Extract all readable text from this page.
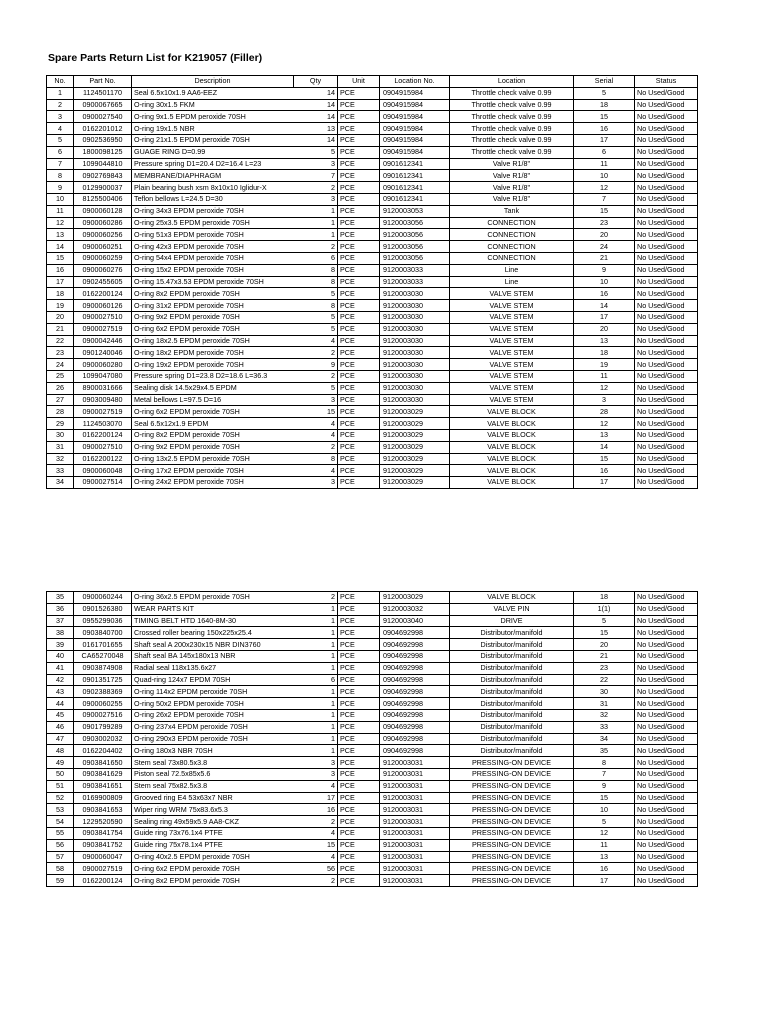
Spare Parts Return List for K219057 (Filler)
No.	Part No.	Description	Qty	Unit	Location No.	Location	Serial	Status
1	1124501170	Seal 6.5x10x1.9 AA6-EEZ	14	PCE	0904915984	Throttle check valve 0.99	5	No Used/Good
2	0900067665	O-ring 30x1.5 FKM	14	PCE	0904915984	Throttle check valve 0.99	18	No Used/Good
3	0900027540	O-ring 9x1.5 EPDM peroxide 70SH	14	PCE	0904915984	Throttle check valve 0.99	15	No Used/Good
4	0162201012	O-ring 19x1.5 NBR	13	PCE	0904915984	Throttle check valve 0.99	16	No Used/Good
5	0902536950	O-ring 21x1.5 EPDM peroxide 70SH	14	PCE	0904915984	Throttle check valve 0.99	17	No Used/Good
6	1800098125	GUAGE RING D=0.99	5	PCE	0904915984	Throttle check valve 0.99	6	No Used/Good
7	1099044810	Pressure spring D1=20.4 D2=16.4 L=23	3	PCE	0901612341	Valve R1/8"	11	No Used/Good
8	0902769843	MEMBRANE/DIAPHRAGM	7	PCE	0901612341	Valve R1/8"	10	No Used/Good
9	0129900037	Plain bearing bush xsm 8x10x10 Iglidur-X	2	PCE	0901612341	Valve R1/8"	12	No Used/Good
10	8125500406	Teflon bellows L=24.5 D=30	3	PCE	0901612341	Valve R1/8"	7	No Used/Good
11	0900060128	O-ring 34x3 EPDM peroxide 70SH	1	PCE	9120003053	Tank	15	No Used/Good
12	0900060286	O-ring 25x3.5 EPDM peroxide 70SH	1	PCE	9120003056	CONNECTION	23	No Used/Good
13	0900060256	O-ring 51x3 EPDM peroxide 70SH	1	PCE	9120003056	CONNECTION	20	No Used/Good
14	0900060251	O-ring 42x3 EPDM peroxide 70SH	2	PCE	9120003056	CONNECTION	24	No Used/Good
15	0900060259	O-ring 54x4 EPDM peroxide 70SH	6	PCE	9120003056	CONNECTION	21	No Used/Good
16	0900060276	O-ring 15x2 EPDM peroxide 70SH	8	PCE	9120003033	Line	9	No Used/Good
17	0902455605	O-ring 15.47x3.53 EPDM peroxide 70SH	8	PCE	9120003033	Line	10	No Used/Good
18	0162200124	O-ring 8x2 EPDM peroxide 70SH	5	PCE	9120003030	VALVE STEM	16	No Used/Good
19	0900060126	O-ring 31x2 EPDM peroxide 70SH	8	PCE	9120003030	VALVE STEM	14	No Used/Good
20	0900027510	O-ring 9x2 EPDM peroxide 70SH	5	PCE	9120003030	VALVE STEM	17	No Used/Good
21	0900027519	O-ring 6x2 EPDM peroxide 70SH	5	PCE	9120003030	VALVE STEM	20	No Used/Good
22	0900042446	O-ring 18x2.5 EPDM peroxide 70SH	4	PCE	9120003030	VALVE STEM	13	No Used/Good
23	0901240046	O-ring 18x2 EPDM peroxide 70SH	2	PCE	9120003030	VALVE STEM	18	No Used/Good
24	0900060280	O-ring 19x2 EPDM peroxide 70SH	9	PCE	9120003030	VALVE STEM	19	No Used/Good
25	1099047080	Pressure spring D1=23.8 D2=18.6 L=36.3	2	PCE	9120003030	VALVE STEM	11	No Used/Good
26	8900031666	Sealing disk 14.5x29x4.5 EPDM	5	PCE	9120003030	VALVE STEM	12	No Used/Good
27	0903009480	Metal bellows L=97.5 D=16	3	PCE	9120003030	VALVE STEM	3	No Used/Good
28	0900027519	O-ring 6x2 EPDM peroxide 70SH	15	PCE	9120003029	VALVE BLOCK	28	No Used/Good
29	1124503070	Seal 6.5x12x1.9 EPDM	4	PCE	9120003029	VALVE BLOCK	12	No Used/Good
30	0162200124	O-ring 8x2 EPDM peroxide 70SH	4	PCE	9120003029	VALVE BLOCK	13	No Used/Good
31	0900027510	O-ring 9x2 EPDM peroxide 70SH	2	PCE	9120003029	VALVE BLOCK	14	No Used/Good
32	0162200122	O-ring 13x2.5 EPDM peroxide 70SH	8	PCE	9120003029	VALVE BLOCK	15	No Used/Good
33	0900060048	O-ring 17x2 EPDM peroxide 70SH	4	PCE	9120003029	VALVE BLOCK	16	No Used/Good
34	0900027514	O-ring 24x2 EPDM peroxide 70SH	3	PCE	9120003029	VALVE BLOCK	17	No Used/Good
35	0900060244	O-ring 36x2.5 EPDM peroxide 70SH	2	PCE	9120003029	VALVE BLOCK	18	No Used/Good
36	0901526380	WEAR PARTS KIT	1	PCE	9120003032	VALVE PIN	1(1)	No Used/Good
37	0955299036	TIMING BELT HTD 1640-8M-30	1	PCE	9120003040	DRIVE	5	No Used/Good
38	0903840700	Crossed roller bearing 150x225x25.4	1	PCE	0904692998	Distributor/manifold	15	No Used/Good
39	0161701655	Shaft seal A 200x230x15 NBR DIN3760	1	PCE	0904692998	Distributor/manifold	20	No Used/Good
40	CA65270048	Shaft seal BA 145x180x13 NBR	1	PCE	0904692998	Distributor/manifold	21	No Used/Good
41	0903874908	Radial seal 118x135.6x27	1	PCE	0904692998	Distributor/manifold	23	No Used/Good
42	0901351725	Quad-ring 124x7 EPDM 70SH	6	PCE	0904692998	Distributor/manifold	22	No Used/Good
43	0902388369	O-ring 114x2 EPDM peroxide 70SH	1	PCE	0904692998	Distributor/manifold	30	No Used/Good
44	0900060255	O-ring 50x2 EPDM peroxide 70SH	1	PCE	0904692998	Distributor/manifold	31	No Used/Good
45	0900027516	O-ring 26x2 EPDM peroxide 70SH	1	PCE	0904692998	Distributor/manifold	32	No Used/Good
46	0901799289	O-ring 237x4 EPDM peroxide 70SH	1	PCE	0904692998	Distributor/manifold	33	No Used/Good
47	0903002032	O-ring 290x3 EPDM peroxide 70SH	1	PCE	0904692998	Distributor/manifold	34	No Used/Good
48	0162204402	O-ring 180x3 NBR 70SH	1	PCE	0904692998	Distributor/manifold	35	No Used/Good
49	0903841650	Stem seal 73x80.5x3.8	3	PCE	9120003031	PRESSING-ON DEVICE	8	No Used/Good
50	0903841629	Piston seal 72.5x85x5.6	3	PCE	9120003031	PRESSING-ON DEVICE	7	No Used/Good
51	0903841651	Stem seal 75x82.5x3.8	4	PCE	9120003031	PRESSING-ON DEVICE	9	No Used/Good
52	0169900809	Grooved ring E4 53x63x7 NBR	17	PCE	9120003031	PRESSING-ON DEVICE	15	No Used/Good
53	0903841653	Wiper ring WRM 75x83.6x5.3	16	PCE	9120003031	PRESSING-ON DEVICE	10	No Used/Good
54	1229520590	Sealing ring 49x59x5.9 AA8-CKZ	2	PCE	9120003031	PRESSING-ON DEVICE	5	No Used/Good
55	0903841754	Guide ring 73x76.1x4 PTFE	4	PCE	9120003031	PRESSING-ON DEVICE	12	No Used/Good
56	0903841752	Guide ring 75x78.1x4 PTFE	15	PCE	9120003031	PRESSING-ON DEVICE	11	No Used/Good
57	0900060047	O-ring 40x2.5 EPDM peroxide 70SH	4	PCE	9120003031	PRESSING-ON DEVICE	13	No Used/Good
58	0900027519	O-ring 6x2 EPDM peroxide 70SH	56	PCE	9120003031	PRESSING-ON DEVICE	16	No Used/Good
59	0162200124	O-ring 8x2 EPDM peroxide 70SH	2	PCE	9120003031	PRESSING-ON DEVICE	17	No Used/Good
